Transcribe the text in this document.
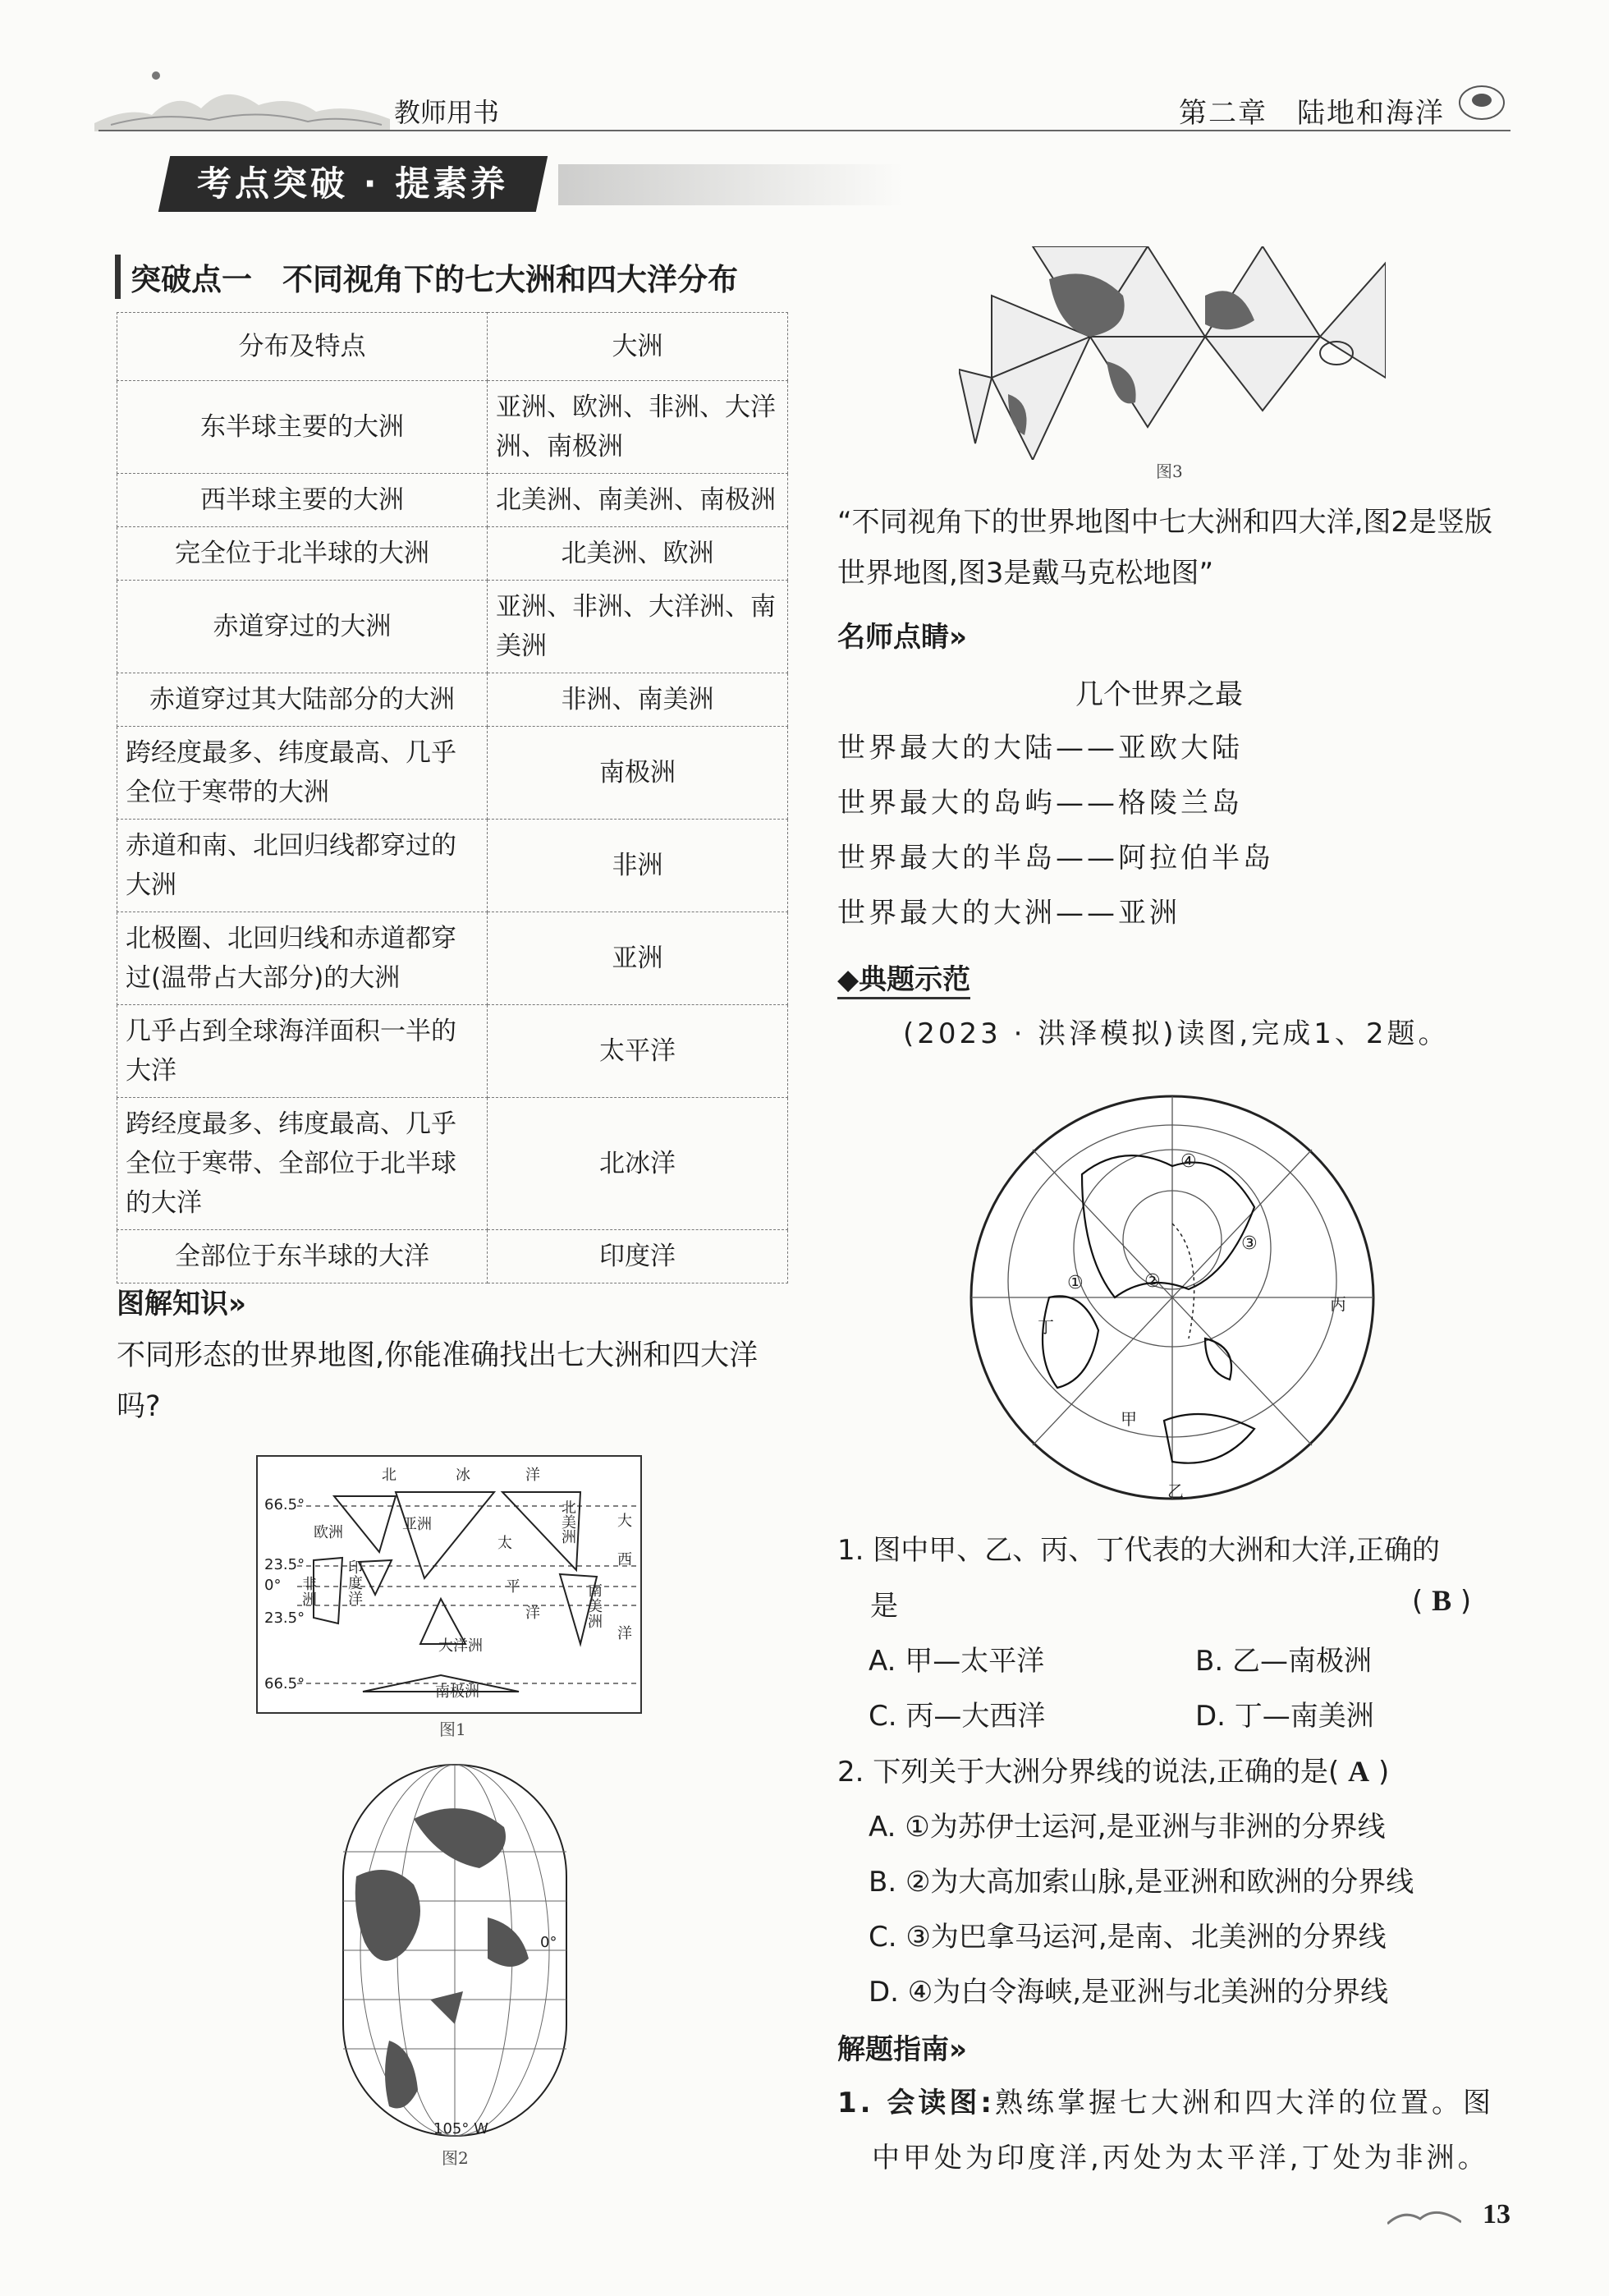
教师用书	第二章　陆地和海洋
考点突破 · 提素养
突破点一　不同视角下的七大洲和四大洋分布
分布及特点	大洲
东半球主要的大洲	亚洲、欧洲、非洲、大洋洲、南极洲
西半球主要的大洲	北美洲、南美洲、南极洲
完全位于北半球的大洲	北美洲、欧洲
赤道穿过的大洲	亚洲、非洲、大洋洲、南美洲
赤道穿过其大陆部分的大洲	非洲、南美洲
跨经度最多、纬度最高、几乎全位于寒带的大洲	南极洲
赤道和南、北回归线都穿过的大洲	非洲
北极圈、北回归线和赤道都穿过(温带占大部分)的大洲	亚洲
几乎占到全球海洋面积一半的大洋	太平洋
跨经度最多、纬度最高、几乎全位于寒带、全部位于北半球的大洋	北冰洋
全部位于东半球的大洋	印度洋
图解知识»
不同形态的世界地图,你能准确找出七大洲和四大洋吗?
66.5°
23.5°
0°
23.5°
66.5°
北	冰	洋
欧洲	亚洲
北美洲
大
西
印度洋
非洲
太
平
洋
大洋洲
南美洲
洋
南极洲
图1
0°
105° W
图2
图3
“不同视角下的世界地图中七大洲和四大洋,图2是竖版世界地图,图3是戴马克松地图”
名师点睛»
几个世界之最
世界最大的大陆——亚欧大陆
世界最大的岛屿——格陵兰岛
世界最大的半岛——阿拉伯半岛
世界最大的大洲——亚洲
◆典题示范
(2023 · 洪泽模拟)读图,完成1、2题。
④
③
②
①
丙
丁
甲
乙
1. 图中甲、乙、丙、丁代表的大洲和大洋,正确的
是	( B )
A. 甲—太平洋	B. 乙—南极洲
C. 丙—大西洋	D. 丁—南美洲
2. 下列关于大洲分界线的说法,正确的是( A )
A. ①为苏伊士运河,是亚洲与非洲的分界线
B. ②为大高加索山脉,是亚洲和欧洲的分界线
C. ③为巴拿马运河,是南、北美洲的分界线
D. ④为白令海峡,是亚洲与北美洲的分界线
解题指南»
1. 会读图:熟练掌握七大洲和四大洋的位置。图
中甲处为印度洋,丙处为太平洋,丁处为非洲。
13
